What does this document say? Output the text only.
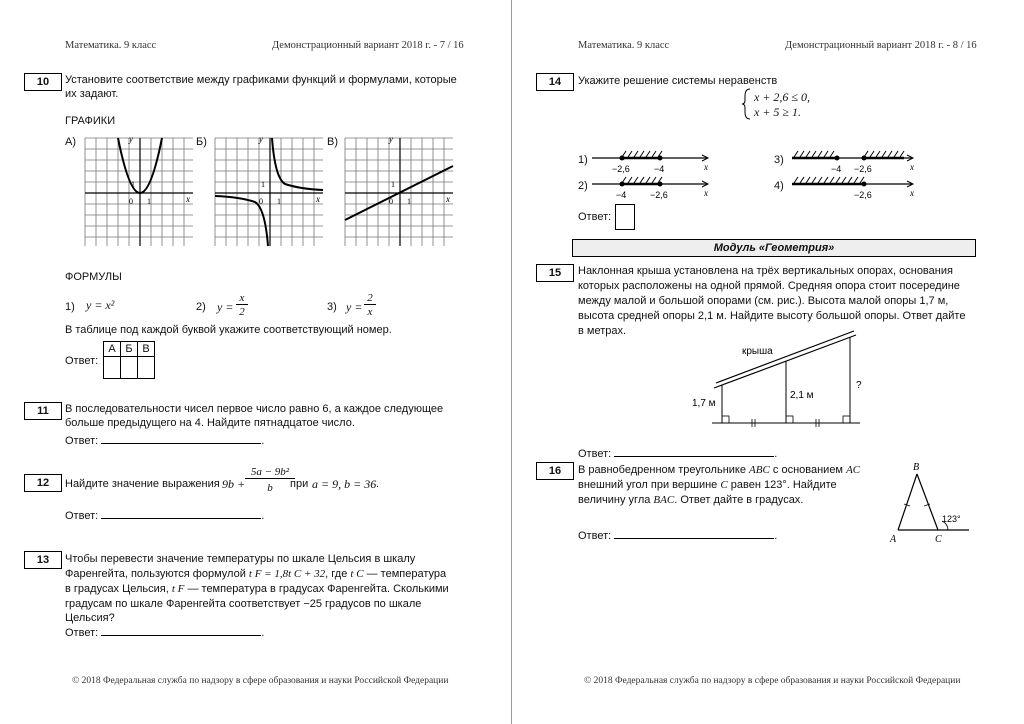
Математика. 9 класс	Демонстрационный вариант 2018 г. - 7 / 16
10	Установите соответствие между графиками функций и формулами, которые их задают.
ГРАФИКИ
А)	Б)	В)
0 1
1
y
x	0 1
1
y
x	0 1
1
y
x
ФОРМУЛЫ
1) y = x²	2) y =
x
2	3) y =
2
x
В таблице под каждой буквой укажите соответствующий номер.
Ответ:
А	Б	В

11	В последовательности чисел первое число равно 6, а каждое следующее больше предыдущего на 4. Найдите пятнадцатое число.
Ответ:	.
12	Найдите значение выражения 9b +
5a − 9b²
b	при a = 9, b = 36 .
Ответ:	.
13	Чтобы перевести значение температуры по шкале Цельсия в шкалу
Фаренгейта, пользуются формулой t F = 1,8t C + 32, где t C — температура
в градусах Цельсия, t F — температура в градусах Фаренгейта. Сколькими
градусам по шкале Фаренгейта соответствует −25 градусов по шкале Цельсия?
Ответ:	.
© 2018 Федеральная служба по надзору в сфере образования и науки Российской Федерации
Математика. 9 класс	Демонстрационный вариант 2018 г. - 8 / 16
14	Укажите решение системы неравенств
x + 2,6 ≤ 0,
x + 5 ≥ 1.
1)
−2,6	−4	x
2)
−4	−2,6	x
3)
−4 −2,6	x
4)
−2,6	x
Ответ:
Модуль «Геометрия»
15	Наклонная крыша установлена на трёх вертикальных опорах, основания
которых расположены на одной прямой. Средняя опора стоит посередине
между малой и большой опорами (см. рис.). Высота малой опоры 1,7 м,
высота средней опоры 2,1 м. Найдите высоту большой опоры. Ответ дайте
в метрах.
крыша
1,7 м
2,1 м
?
Ответ:	.
16	В равнобедренном треугольнике ABC с основанием AC
внешний угол при вершине C равен 123°. Найдите
величину угла BAC. Ответ дайте в градусах.
B
A	C
123°
Ответ:	.
© 2018 Федеральная служба по надзору в сфере образования и науки Российской Федерации
